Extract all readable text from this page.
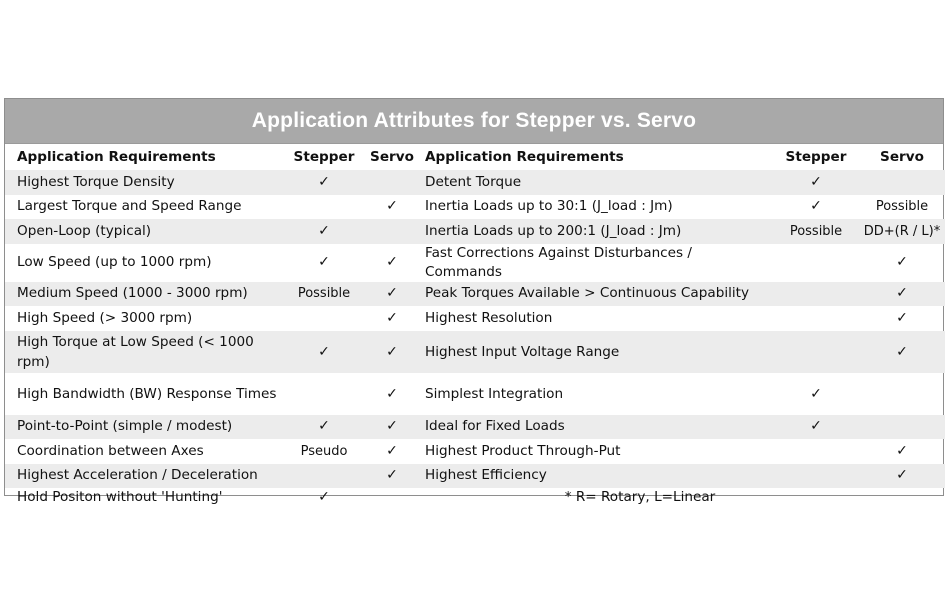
Application Attributes for Stepper vs. Servo
Application Requirements	Stepper	Servo	Application Requirements	Stepper	Servo
Highest Torque Density	✓		Detent Torque	✓	
Largest Torque and Speed Range		✓	Inertia Loads up to 30:1 (J_load : Jm)	✓	Possible
Open-Loop (typical)	✓		Inertia Loads up to 200:1 (J_load : Jm)	Possible	DD+(R / L)*
Low Speed (up to 1000 rpm)	✓	✓	Fast Corrections Against Disturbances / Commands		✓
Medium Speed (1000 - 3000 rpm)	Possible	✓	Peak Torques Available > Continuous Capability		✓
High Speed (> 3000 rpm)		✓	Highest Resolution		✓
High Torque at Low Speed (< 1000 rpm)	✓	✓	Highest Input Voltage Range		✓
High Bandwidth (BW) Response Times		✓	Simplest Integration	✓	
Point-to-Point (simple / modest)	✓	✓	Ideal for Fixed Loads	✓	
Coordination between Axes	Pseudo	✓	Highest Product Through-Put		✓
Highest Acceleration / Deceleration		✓	Highest Efficiency		✓
Hold Positon without 'Hunting'	✓		* R= Rotary, L=Linear		
